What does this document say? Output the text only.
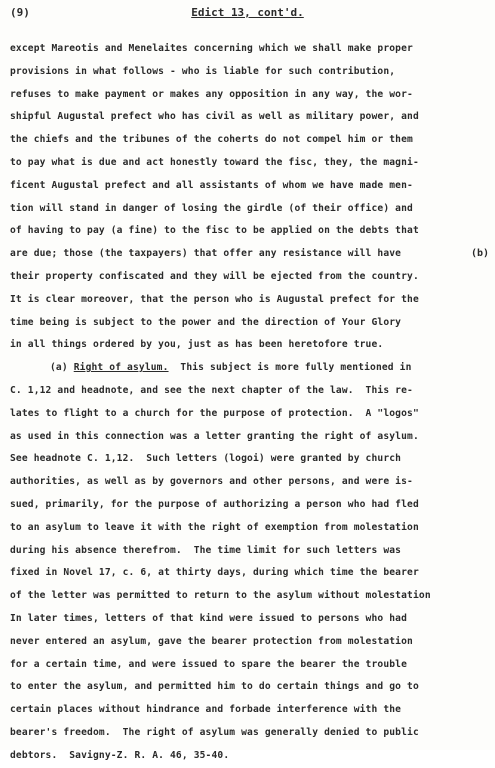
(9)	Edict 13, cont'd.
(b)
except Mareotis and Menelaites concerning which we shall make proper
provisions in what follows - who is liable for such contribution,
refuses to make payment or makes any opposition in any way, the wor-
shipful Augustal prefect who has civil as well as military power, and
the chiefs and the tribunes of the coherts do not compel him or them
to pay what is due and act honestly toward the fisc, they, the magni-
ficent Augustal prefect and all assistants of whom we have made men-
tion will stand in danger of losing the girdle (of their office) and
of having to pay (a fine) to the fisc to be applied on the debts that
are due; those (the taxpayers) that offer any resistance will have
their property confiscated and they will be ejected from the country.
It is clear moreover, that the person who is Augustal prefect for the
time being is subject to the power and the direction of Your Glory
in all things ordered by you, just as has been heretofore true.
(a) Right of asylum.  This subject is more fully mentioned in
C. 1,12 and headnote, and see the next chapter of the law.  This re-
lates to flight to a church for the purpose of protection.  A "logos"
as used in this connection was a letter granting the right of asylum.
See headnote C. 1,12.  Such letters (logoi) were granted by church
authorities, as well as by governors and other persons, and were is-
sued, primarily, for the purpose of authorizing a person who had fled
to an asylum to leave it with the right of exemption from molestation
during his absence therefrom.  The time limit for such letters was
fixed in Novel 17, c. 6, at thirty days, during which time the bearer
of the letter was permitted to return to the asylum without molestation
In later times, letters of that kind were issued to persons who had
never entered an asylum, gave the bearer protection from molestation
for a certain time, and were issued to spare the bearer the trouble
to enter the asylum, and permitted him to do certain things and go to
certain places without hindrance and forbade interference with the
bearer's freedom.  The right of asylum was generally denied to public
debtors.  Savigny-Z. R. A. 46, 35-40.
